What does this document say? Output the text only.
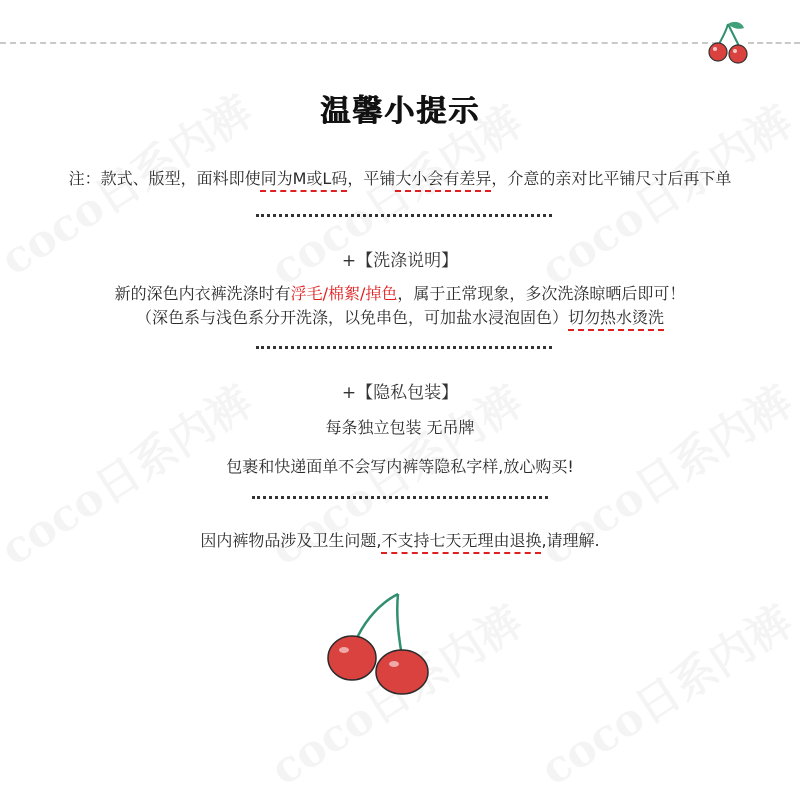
温馨小提示
注：款式、版型，面料即使同为M或L码，平铺大小会有差异，介意的亲对比平铺尺寸后再下单
+【洗涤说明】
新的深色内衣裤洗涤时有浮毛/棉絮/掉色，属于正常现象，多次洗涤晾晒后即可！
（深色系与浅色系分开洗涤，以免串色，可加盐水浸泡固色）切勿热水烫洗
+【隐私包装】
每条独立包装 无吊牌
包裹和快递面单不会写内裤等隐私字样,放心购买!
因内裤物品涉及卫生问题,不支持七天无理由退换,请理解.
